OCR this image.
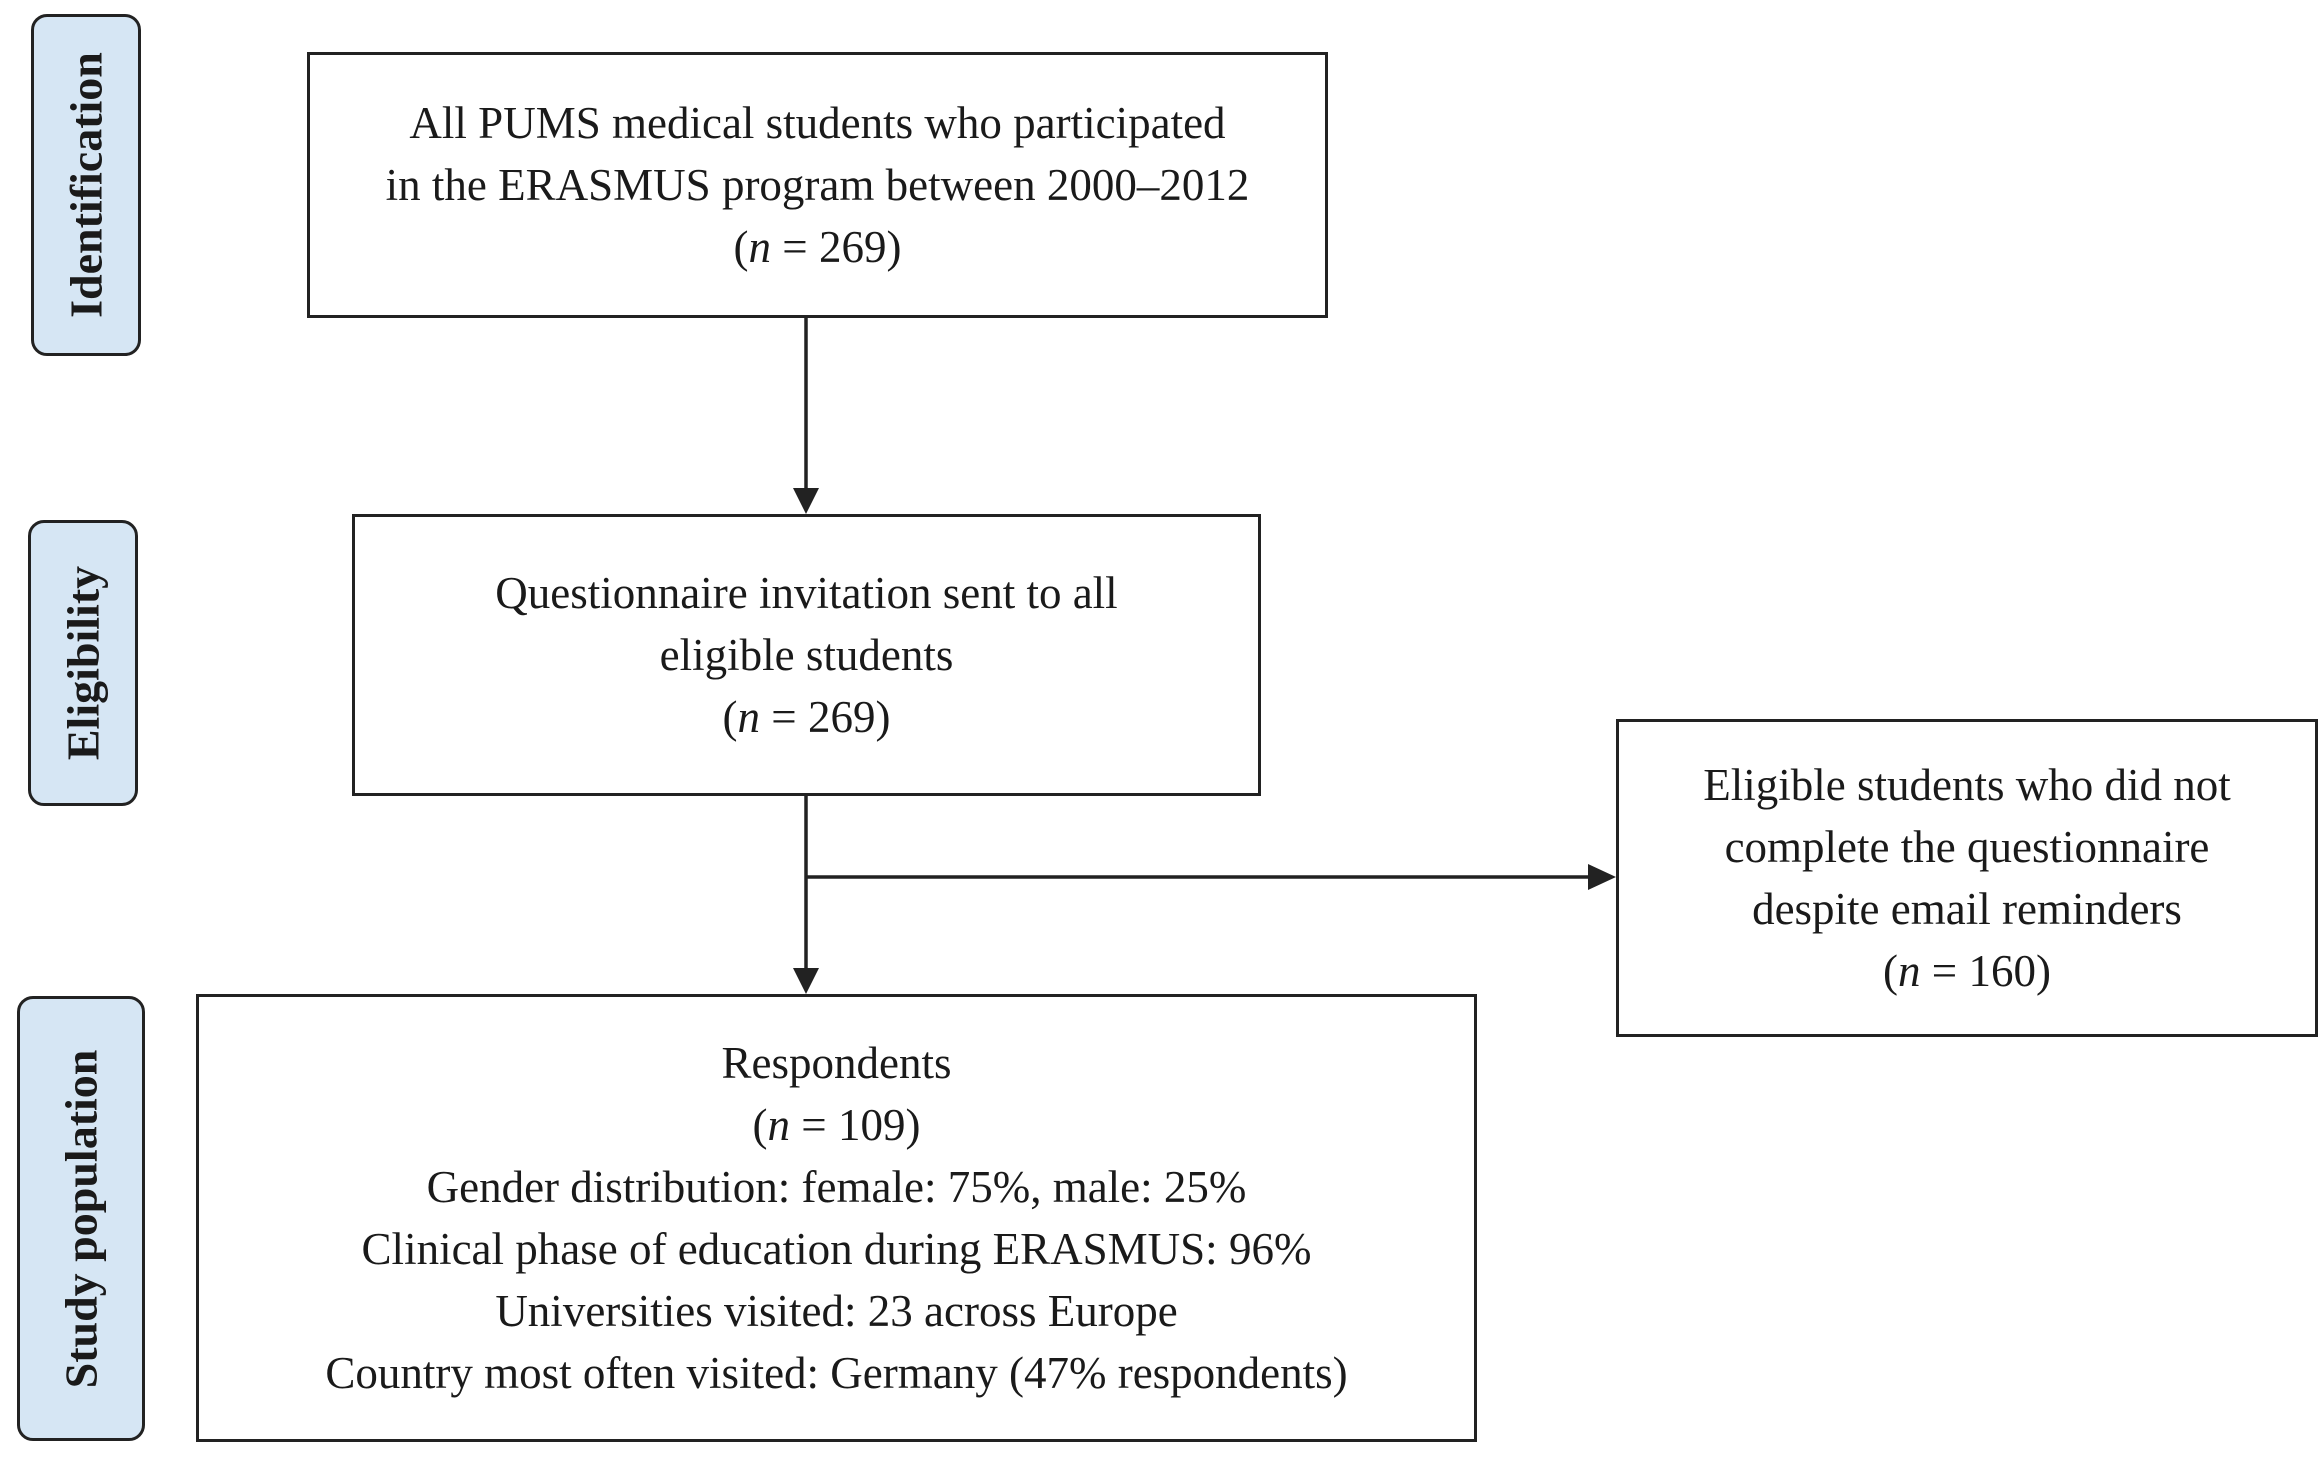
Identification
Eligibility
Study population
All PUMS medical students who participated
in the ERASMUS program between 2000–2012
(n = 269)
Questionnaire invitation sent to all
eligible students
(n = 269)
Eligible students who did not
complete the questionnaire
despite email reminders
(n = 160)
Respondents
(n = 109)
Gender distribution: female: 75%, male: 25%
Clinical phase of education during ERASMUS: 96%
Universities visited: 23 across Europe
Country most often visited: Germany (47% respondents)
